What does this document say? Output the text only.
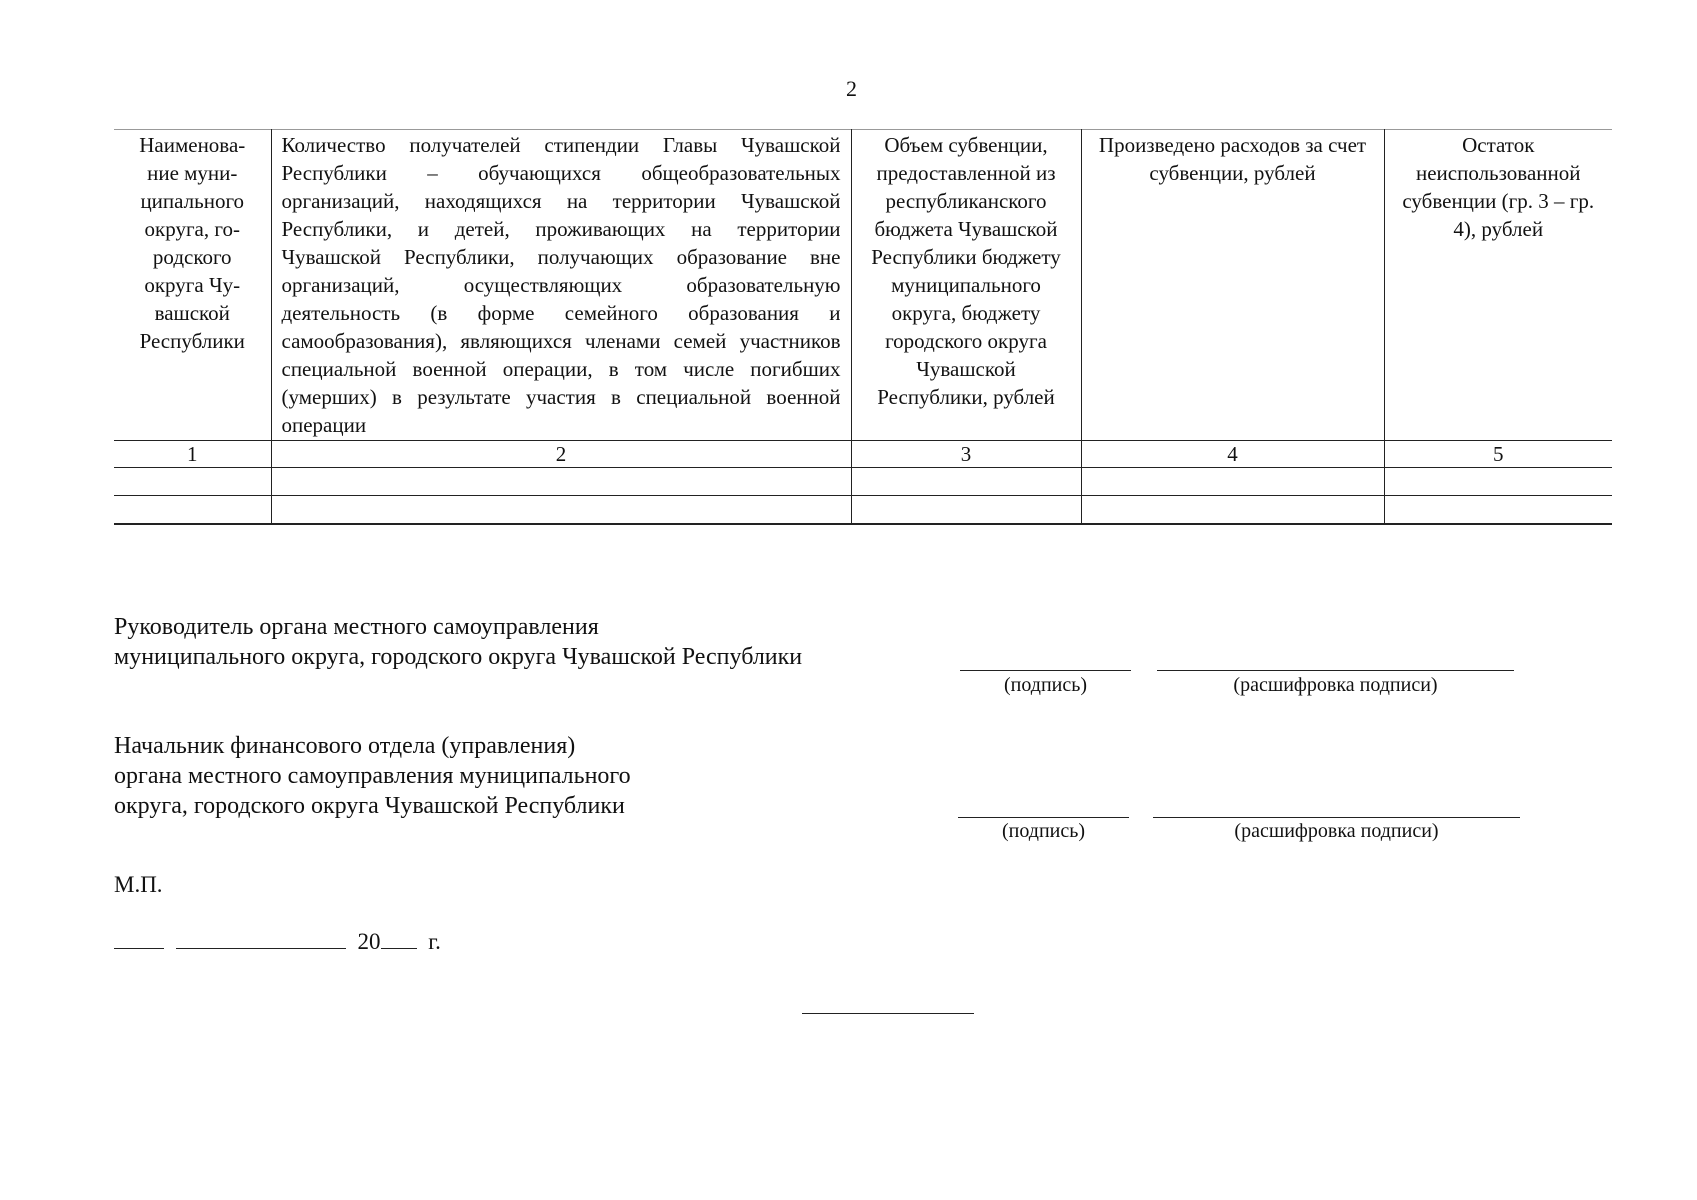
2
Наименова-ние муни-ципального округа, го-родского округа Чу-вашской Республики	Количество получателей стипендии Главы Чувашской Республики – обучающихся общеобразовательных организаций, находящихся на территории Чувашской Республики, и детей, проживающих на территории Чувашской Республики, получающих образование вне организаций, осуществляющих образовательную деятельность (в форме семейного образования и самообразования), являющихся членами семей участников специальной военной операции, в том числе погибших (умерших) в результате участия в специальной военной операции	Объем субвенции, предоставленной из республиканского бюджета Чувашской Республики бюджету муниципального округа, бюджету городского округа Чувашской Республики, рублей	Произведено расходов за счет субвенции, рублей	Остаток неиспользованной субвенции (гр. 3 – гр. 4), рублей
1	2	3	4	5

Руководитель органа местного самоуправления
муниципального округа, городского округа Чувашской Республики
(подпись)	(расшифровка подписи)
Начальник финансового отдела (управления)
органа местного самоуправления муниципального
округа, городского округа Чувашской Республики
(подпись)	(расшифровка подписи)
М.П.
20 г.
